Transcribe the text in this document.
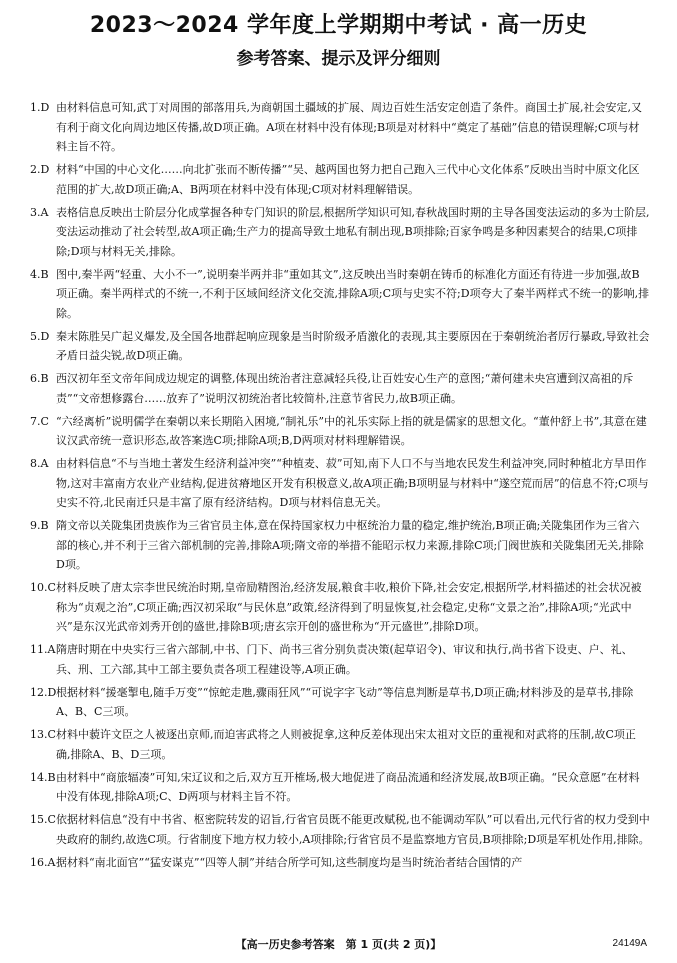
2023～2024 学年度上学期期中考试 · 高一历史
参考答案、提示及评分细则
1.D 由材料信息可知,武丁对周围的部落用兵,为商朝国土疆域的扩展、周边百姓生活安定创造了条件。商国土扩展,社会安定,又有利于商文化向周边地区传播,故D项正确。A项在材料中没有体现;B项是对材料中“奠定了基础”信息的错误理解;C项与材料主旨不符。
2.D 材料“中国的中心文化……向北扩张而不断传播”“吴、越两国也努力把自己跑入三代中心文化体系”反映出当时中原文化区范围的扩大,故D项正确;A、B两项在材料中没有体现;C项对材料理解错误。
3.A 表格信息反映出士阶层分化成掌握各种专门知识的阶层,根据所学知识可知,春秋战国时期的主导各国变法运动的多为士阶层,变法运动推动了社会转型,故A项正确;生产力的提高导致土地私有制出现,B项排除;百家争鸣是多种因素契合的结果,C项排除;D项与材料无关,排除。
4.B 图中,秦半两“轻重、大小不一”,说明秦半两并非“重如其文”,这反映出当时秦朝在铸币的标准化方面还有待进一步加强,故B项正确。秦半两样式的不统一,不利于区域间经济文化交流,排除A项;C项与史实不符;D项夸大了秦半两样式不统一的影响,排除。
5.D 秦末陈胜吴广起义爆发,及全国各地群起响应现象是当时阶级矛盾激化的表现,其主要原因在于秦朝统治者厉行暴政,导致社会矛盾日益尖锐,故D项正确。
6.B 西汉初年至文帝年间成边规定的调整,体现出统治者注意减轻兵役,让百姓安心生产的意图;“萧何建未央宫遭到汉高祖的斥责”“文帝想修露台……放弃了”说明汉初统治者比较简朴,注意节省民力,故B项正确。
7.C “六经离析”说明儒学在秦朝以来长期陷入困境,“制礼乐”中的礼乐实际上指的就是儒家的思想文化。“董仲舒上书”,其意在建议汉武帝统一意识形态,故答案选C项;排除A项;B,D两项对材料理解错误。
8.A 由材料信息“不与当地土著发生经济利益冲突”“种植麦、菽”可知,南下人口不与当地农民发生利益冲突,同时种植北方旱田作物,这对丰富南方农业产业结构,促进贫瘠地区开发有积极意义,故A项正确;B项明显与材料中“遂空荒而居”的信息不符;C项与史实不符,北民南迁只是丰富了原有经济结构。D项与材料信息无关。
9.B 隋文帝以关陇集团贵族作为三省官员主体,意在保持国家权力中枢统治力量的稳定,维护统治,B项正确;关陇集团作为三省六部的核心,并不利于三省六部机制的完善,排除A项;隋文帝的举措不能昭示权力来源,排除C项;门阀世族和关陇集团无关,排除D项。
10.C 材料反映了唐太宗李世民统治时期,皇帝励精图治,经济发展,粮食丰收,粮价下降,社会安定,根据所学,材料描述的社会状况被称为“贞观之治”,C项正确;西汉初采取“与民休息”政策,经济得到了明显恢复,社会稳定,史称“文景之治”,排除A项;“光武中兴”是东汉光武帝刘秀开创的盛世,排除B项;唐玄宗开创的盛世称为“开元盛世”,排除D项。
11.A 隋唐时期在中央实行三省六部制,中书、门下、尚书三省分别负责决策(起草诏令)、审议和执行,尚书省下设吏、户、礼、兵、刑、工六部,其中工部主要负责各项工程建设等,A项正确。
12.D 根据材料“援毫掣电,随手万变”“惊蛇走虺,骤雨狂风”“可说字字飞动”等信息判断是草书,D项正确;材料涉及的是草书,排除A、B、C三项。
13.C 材料中藐许文臣之人被逐出京师,而迫害武将之人则被捉拿,这种反差体现出宋太祖对文臣的重视和对武将的压制,故C项正确,排除A、B、D三项。
14.B 由材料中“商旅辐凑”可知,宋辽议和之后,双方互开榷场,极大地促进了商品流通和经济发展,故B项正确。“民众意愿”在材料中没有体现,排除A项;C、D两项与材料主旨不符。
15.C 依据材料信息“没有中书省、枢密院转发的诏旨,行省官员既不能更改赋税,也不能调动军队”可以看出,元代行省的权力受到中央政府的制约,故选C项。行省制度下地方权力较小,A项排除;行省官员不是监察地方官员,B项排除;D项是军机处作用,排除。
16.A 据材料“南北面官”“猛安谋克”“四等人制”并结合所学可知,这些制度均是当时统治者结合国情的产
【高一历史参考答案　第 1 页(共 2 页)】	24149A
